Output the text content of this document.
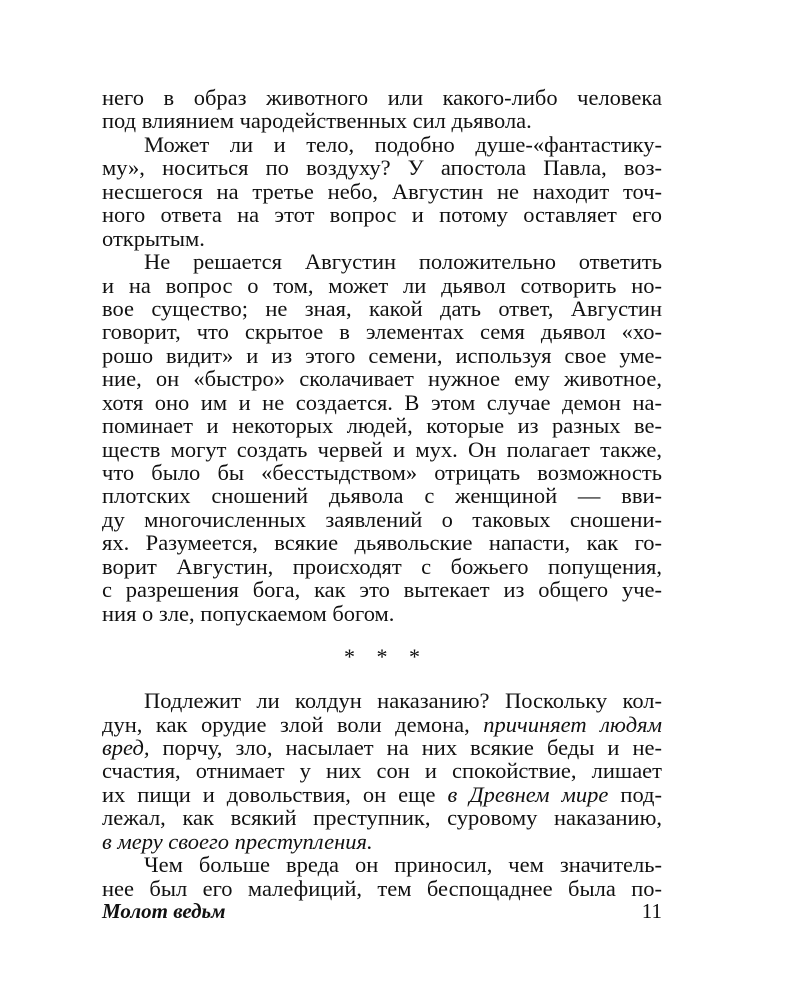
него в образ животного или какого-либо человека
под влиянием чародейственных сил дьявола.
Может ли и тело, подобно душе-«фантастику-
му», носиться по воздуху? У апостола Павла, воз-
несшегося на третье небо, Августин не находит точ-
ного ответа на этот вопрос и потому оставляет его
открытым.
Не решается Августин положительно ответить
и на вопрос о том, может ли дьявол сотворить но-
вое существо; не зная, какой дать ответ, Августин
говорит, что скрытое в элементах семя дьявол «хо-
рошо видит» и из этого семени, используя свое уме-
ние, он «быстро» сколачивает нужное ему животное,
хотя оно им и не создается. В этом случае демон на-
поминает и некоторых людей, которые из разных ве-
ществ могут создать червей и мух. Он полагает также,
что было бы «бесстыдством» отрицать возможность
плотских сношений дьявола с женщиной — вви-
ду многочисленных заявлений о таковых сношени-
ях. Разумеется, всякие дьявольские напасти, как го-
ворит Августин, происходят с божьего попущения,
с разрешения бога, как это вытекает из общего уче-
ния о зле, попускаемом богом.
* * *
Подлежит ли колдун наказанию? Поскольку кол-
дун, как орудие злой воли демона, причиняет людям
вред, порчу, зло, насылает на них всякие беды и не-
счастия, отнимает у них сон и спокойствие, лишает
их пищи и довольствия, он еще в Древнем мире под-
лежал, как всякий преступник, суровому наказанию,
в меру своего преступления.
Чем больше вреда он приносил, чем значитель-
нее был его малефиций, тем беспощаднее была по-
Молот ведьм	11
